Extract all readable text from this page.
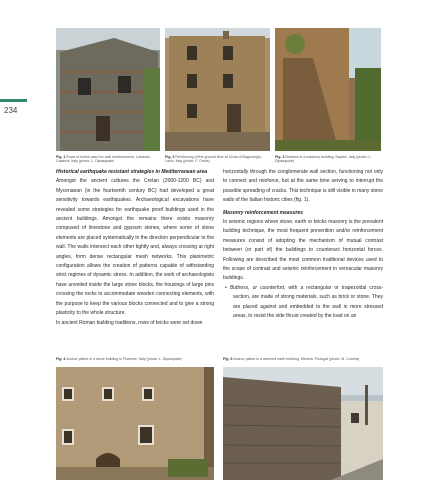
234
Fig. 1 Rows of bricks used for wall reinforcement, Lamezia, Calabria, Italy (photo: L. Dipasquale)
Fig. 2 Reinforcing of the ground floor at Civita di Bagnoregio, Lazio, Italy (photo: F. Onnis)
Fig. 3 Buttress in a masonry building, Naples, Italy (photo: L. Dipasquale)

Historical earthquake resistant strategies in Mediterranean area

Amongst the ancient cultures the Cretan (2000-1200 BC) and Mycenaean (in the fourteenth century BC) had developed a great sensitivity towards earthquakes. Archaeological excavations have revealed some strategies for earthquake proof buildings used in the ancient buildings. Amongst the remains there exists masonry composed of limestone and gypsum stones, where some of stone elements are placed systematically in the direction perpendicular to the wall. The walls intersect each other tightly and, always crossing at right angles, form dense rectangular mesh networks. This planimetric configuration allows the creation of patterns capable of withstanding strict regimes of dynamic stress. In addition, the work of archaeologists have unveiled inside the large stone blocks, the housings of large pins crossing the rocks to accommodate wooden connecting elements, with the purpose to keep the various blocks connected and to give a strong plasticity to the whole structure.

In ancient Roman building traditions, rows of bricks were set down

horizontally through the conglomerate wall section, functioning not only to connect and reinforce, but at the same time serving to interrupt the possible spreading of cracks. This technique is still visible in many stone walls of the Italian historic cities (fig. 1).

Masonry reinforcement measures

In seismic regions where stone, earth or bricks masonry is the prevalent building technique, the most frequent prevention and/or reinforcement measures consist of adopting the mechanism of mutual contrast between (or part of) the buildings to counteract horizontal forces. Following are described the most common traditional devices used to the scope of contrast and seismic reinforcement in vernacular masonry buildings.

• Buttress, or counterfort, with a rectangular or trapezoidal cross-section, are made of strong materials, such as brick or stone. They are placed against and embedded to the wall in more stressed areas, to resist the side thrust created by the load on an

Fig. 4 Anchor plates in a stone building in Florence, Italy (photo: L. Dipasquale)	Fig. 5 Anchor plates in a rammed earth building, Mértola, Portugal (photo: M. Correia)
